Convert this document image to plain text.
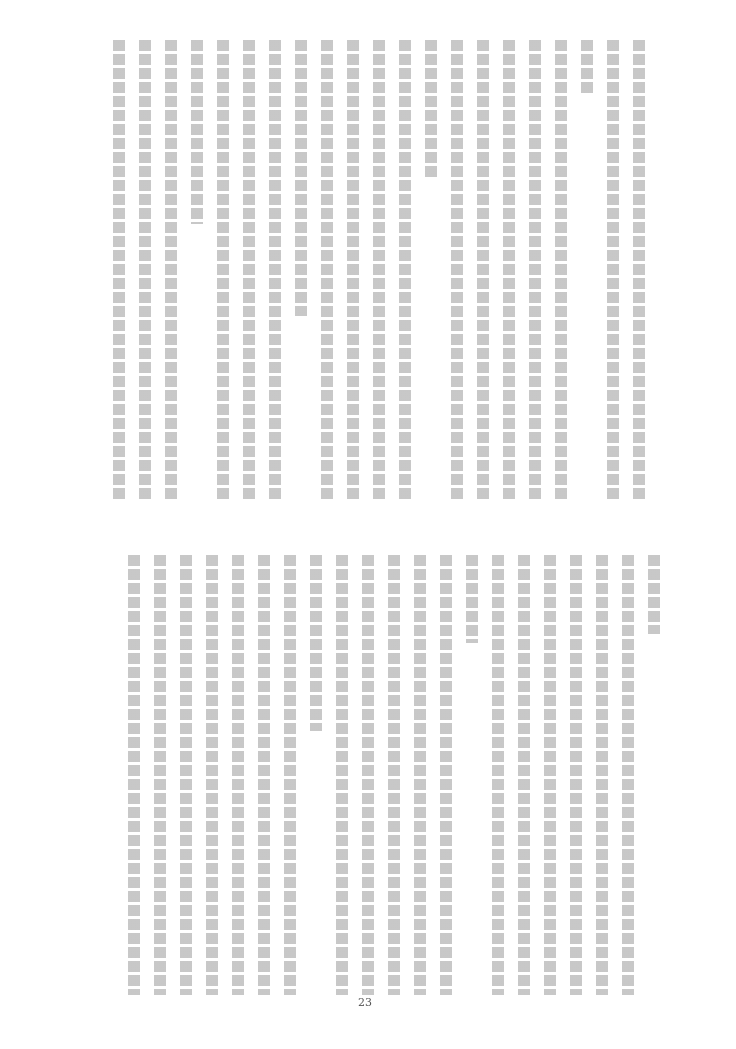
23
